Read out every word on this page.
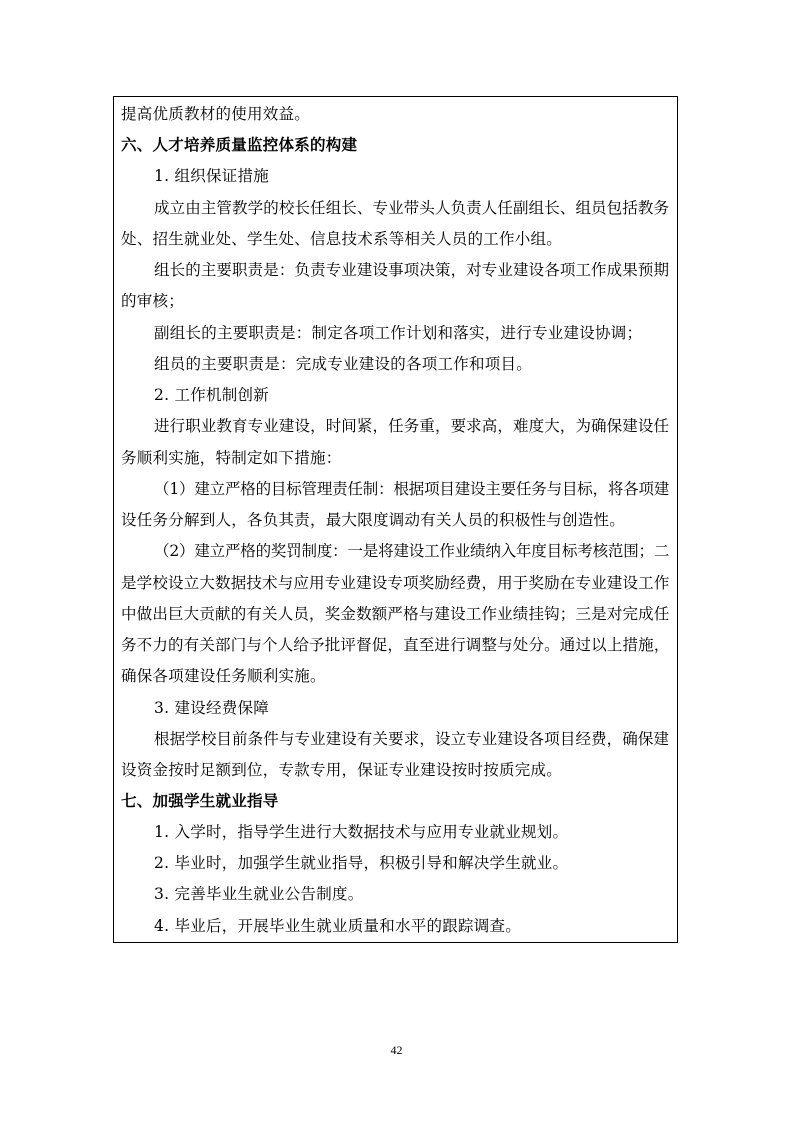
提高优质教材的使用效益。
六、人才培养质量监控体系的构建
1. 组织保证措施
成立由主管教学的校长任组长、专业带头人负责人任副组长、组员包括教务
处、招生就业处、学生处、信息技术系等相关人员的工作小组。
组长的主要职责是：负责专业建设事项决策，对专业建设各项工作成果预期
的审核；
副组长的主要职责是：制定各项工作计划和落实，进行专业建设协调；
组员的主要职责是：完成专业建设的各项工作和项目。
2. 工作机制创新
进行职业教育专业建设，时间紧，任务重，要求高，难度大，为确保建设任
务顺利实施，特制定如下措施：
（1）建立严格的目标管理责任制：根据项目建设主要任务与目标，将各项建
设任务分解到人，各负其责，最大限度调动有关人员的积极性与创造性。
（2）建立严格的奖罚制度：一是将建设工作业绩纳入年度目标考核范围；二
是学校设立大数据技术与应用专业建设专项奖励经费，用于奖励在专业建设工作
中做出巨大贡献的有关人员，奖金数额严格与建设工作业绩挂钩；三是对完成任
务不力的有关部门与个人给予批评督促，直至进行调整与处分。通过以上措施，
确保各项建设任务顺利实施。
3. 建设经费保障
根据学校目前条件与专业建设有关要求，设立专业建设各项目经费，确保建
设资金按时足额到位，专款专用，保证专业建设按时按质完成。
七、加强学生就业指导
1. 入学时，指导学生进行大数据技术与应用专业就业规划。
2. 毕业时，加强学生就业指导，积极引导和解决学生就业。
3. 完善毕业生就业公告制度。
4. 毕业后，开展毕业生就业质量和水平的跟踪调查。
42
